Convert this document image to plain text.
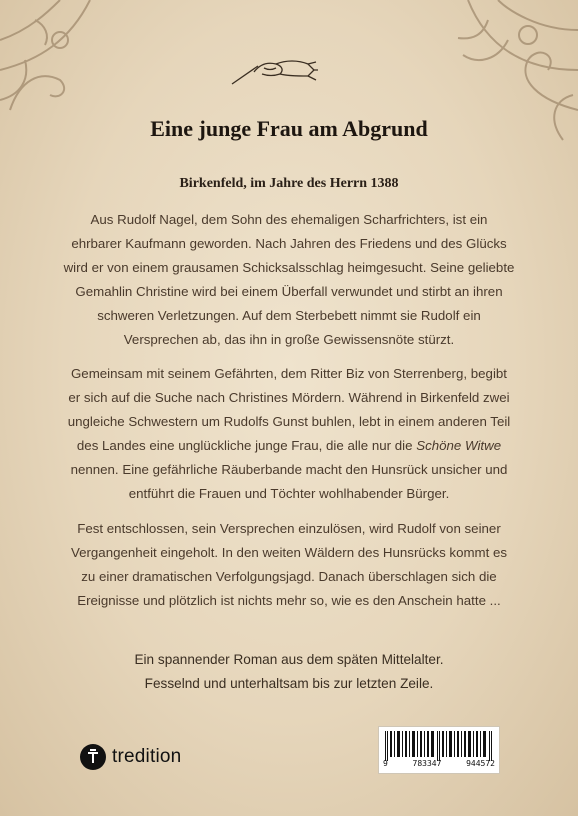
Eine junge Frau am Abgrund
Birkenfeld, im Jahre des Herrn 1388

Aus Rudolf Nagel, dem Sohn des ehemaligen Scharfrichters, ist ein
ehrbarer Kaufmann geworden. Nach Jahren des Friedens und des Glücks
wird er von einem grausamen Schicksalsschlag heimgesucht. Seine geliebte
Gemahlin Christine wird bei einem Überfall verwundet und stirbt an ihren
schweren Verletzungen. Auf dem Sterbebett nimmt sie Rudolf ein
Versprechen ab, das ihn in große Gewissensnöte stürzt.

Gemeinsam mit seinem Gefährten, dem Ritter Biz von Sterrenberg, begibt
er sich auf die Suche nach Christines Mördern. Während in Birkenfeld zwei
ungleiche Schwestern um Rudolfs Gunst buhlen, lebt in einem anderen Teil
des Landes eine unglückliche junge Frau, die alle nur die Schöne Witwe
nennen. Eine gefährliche Räuberbande macht den Hunsrück unsicher und
entführt die Frauen und Töchter wohlhabender Bürger.

Fest entschlossen, sein Versprechen einzulösen, wird Rudolf von seiner
Vergangenheit eingeholt. In den weiten Wäldern des Hunsrücks kommt es
zu einer dramatischen Verfolgungsjagd. Danach überschlagen sich die
Ereignisse und plötzlich ist nichts mehr so, wie es den Anschein hatte ...

Ein spannender Roman aus dem späten Mittelalter.
Fesselnd und unterhaltsam bis zur letzten Zeile.

tredition	9	783347	944572
